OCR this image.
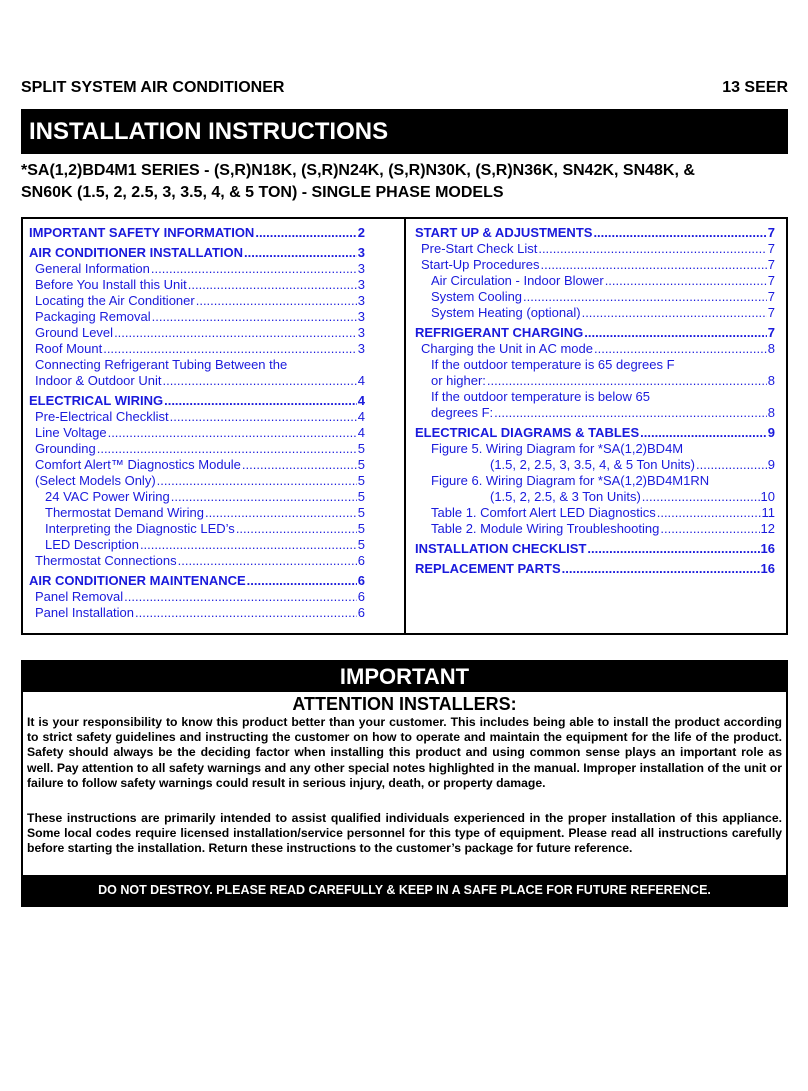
SPLIT SYSTEM AIR CONDITIONER	13 SEER
INSTALLATION INSTRUCTIONS
*SA(1,2)BD4M1 SERIES - (S,R)N18K, (S,R)N24K, (S,R)N30K, (S,R)N36K, SN42K, SN48K, &
SN60K (1.5, 2, 2.5, 3, 3.5, 4, & 5 TON) - SINGLE PHASE MODELS
IMPORTANT SAFETY INFORMATION .....	2
AIR CONDITIONER INSTALLATION .....	3
General Information .....	3
Before You Install this Unit .....	3
Locating the Air Conditioner .....	3
Packaging Removal .....	3
Ground Level .....	3
Roof Mount .....	3
Connecting Refrigerant Tubing Between the
Indoor & Outdoor Unit .....	4
ELECTRICAL WIRING .....	4
Pre-Electrical Checklist .....	4
Line Voltage .....	4
Grounding .....	5
Comfort Alert™ Diagnostics Module .....	5
(Select Models Only) .....	5
24 VAC Power Wiring .....	5
Thermostat Demand Wiring .....	5
Interpreting the Diagnostic LED’s .....	5
LED Description .....	5
Thermostat Connections .....	6
AIR CONDITIONER MAINTENANCE .....	6
Panel Removal .....	6
Panel Installation .....	6
START UP & ADJUSTMENTS .....	7
Pre-Start Check List .....	7
Start-Up Procedures .....	7
Air Circulation - Indoor Blower .....	7
System Cooling .....	7
System Heating (optional) .....	7
REFRIGERANT CHARGING .....	7
Charging the Unit in AC mode .....	8
If the outdoor temperature is 65 degrees F
or higher: .....	8
If the outdoor temperature is below 65
degrees F: .....	8
ELECTRICAL DIAGRAMS & TABLES .....	9
Figure 5. Wiring Diagram for *SA(1,2)BD4M
(1.5, 2, 2.5, 3, 3.5, 4, & 5 Ton Units) .....	9
Figure 6. Wiring Diagram for *SA(1,2)BD4M1RN
(1.5, 2, 2.5, & 3 Ton Units) .....	10
Table 1. Comfort Alert LED Diagnostics .....	11
Table 2. Module Wiring Troubleshooting .....	12
INSTALLATION CHECKLIST .....	16
REPLACEMENT PARTS .....	16
IMPORTANT
ATTENTION INSTALLERS:
It is your responsibility to know this product better than your customer. This includes being able to install the product according to strict safety guidelines and instructing the customer on how to operate and maintain the equipment for the life of the product. Safety should always be the deciding factor when installing this product and using common sense plays an important role as well. Pay attention to all safety warnings and any other special notes highlighted in the manual. Improper installation of the unit or failure to follow safety warnings could result in serious injury, death, or property damage.
These instructions are primarily intended to assist qualified individuals experienced in the proper installation of this appliance. Some local codes require licensed installation/service personnel for this type of equipment. Please read all instructions carefully before starting the installation. Return these instructions to the customer’s package for future reference.
DO NOT DESTROY. PLEASE READ CAREFULLY & KEEP IN A SAFE PLACE FOR FUTURE REFERENCE.
